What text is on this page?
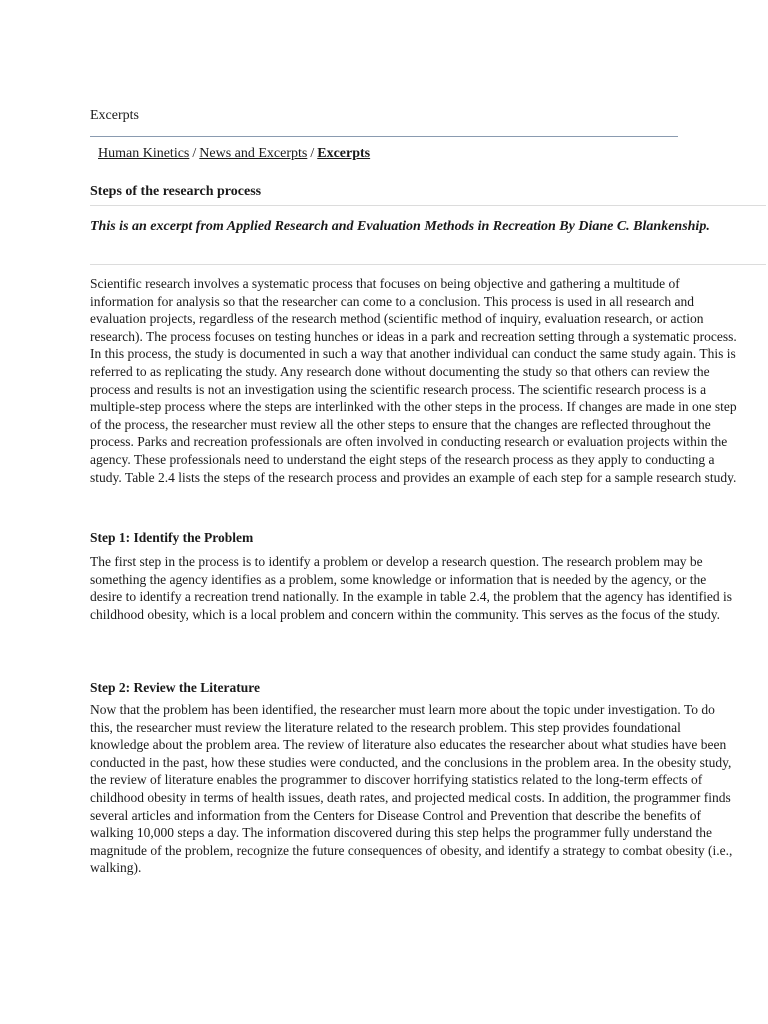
Excerpts
Human Kinetics / News and Excerpts / Excerpts
Steps of the research process
This is an excerpt from Applied Research and Evaluation Methods in Recreation By Diane C. Blankenship.

Scientific research involves a systematic process that focuses on being objective and gathering a multitude of information for analysis so that the researcher can come to a conclusion. This process is used in all research and evaluation projects, regardless of the research method (scientific method of inquiry, evaluation research, or action research). The process focuses on testing hunches or ideas in a park and recreation setting through a systematic process. In this process, the study is documented in such a way that another individual can conduct the same study again. This is referred to as replicating the study. Any research done without documenting the study so that others can review the process and results is not an investigation using the scientific research process. The scientific research process is a multiple-step process where the steps are interlinked with the other steps in the process. If changes are made in one step of the process, the researcher must review all the other steps to ensure that the changes are reflected throughout the process. Parks and recreation professionals are often involved in conducting research or evaluation projects within the agency. These professionals need to understand the eight steps of the research process as they apply to conducting a study. Table 2.4 lists the steps of the research process and provides an example of each step for a sample research study.

Step 1: Identify the Problem

The first step in the process is to identify a problem or develop a research question. The research problem may be something the agency identifies as a problem, some knowledge or information that is needed by the agency, or the desire to identify a recreation trend nationally. In the example in table 2.4, the problem that the agency has identified is childhood obesity, which is a local problem and concern within the community. This serves as the focus of the study.

Step 2: Review the Literature

Now that the problem has been identified, the researcher must learn more about the topic under investigation. To do this, the researcher must review the literature related to the research problem. This step provides foundational knowledge about the problem area. The review of literature also educates the researcher about what studies have been conducted in the past, how these studies were conducted, and the conclusions in the problem area. In the obesity study, the review of literature enables the programmer to discover horrifying statistics related to the long-term effects of childhood obesity in terms of health issues, death rates, and projected medical costs. In addition, the programmer finds several articles and information from the Centers for Disease Control and Prevention that describe the benefits of walking 10,000 steps a day. The information discovered during this step helps the programmer fully understand the magnitude of the problem, recognize the future consequences of obesity, and identify a strategy to combat obesity (i.e., walking).
